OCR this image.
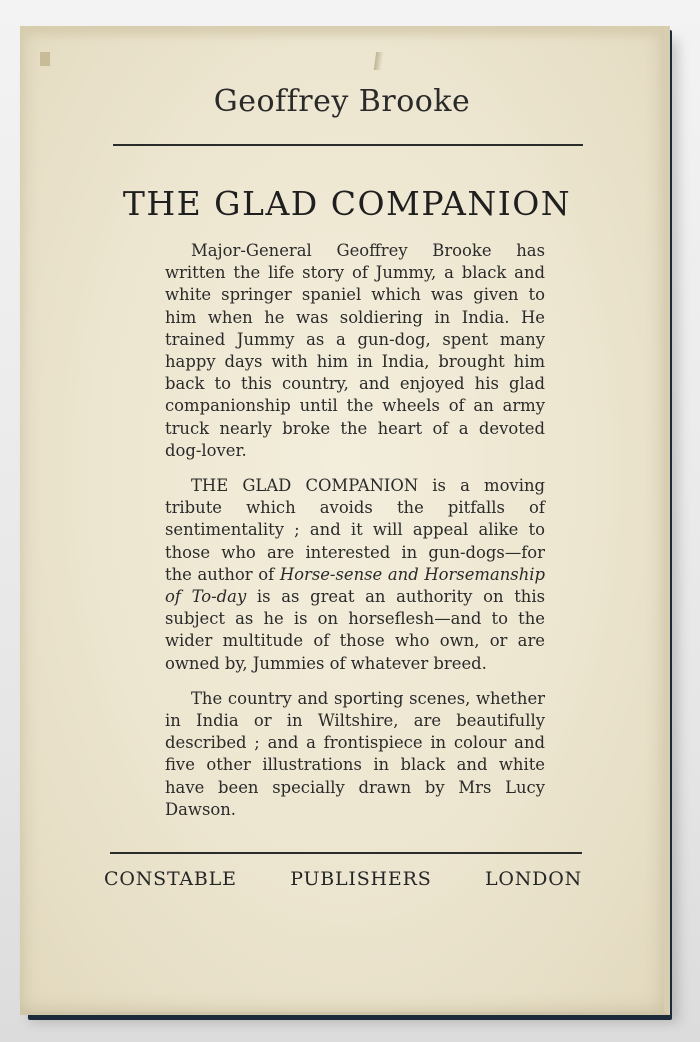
Geoffrey Brooke
THE GLAD COMPANION

Major-General Geoffrey Brooke has written the life story of Jummy, a black and white springer spaniel which was given to him when he was soldiering in India. He trained Jummy as a gun-dog, spent many happy days with him in India, brought him back to this country, and enjoyed his glad companionship until the wheels of an army truck nearly broke the heart of a devoted dog-lover.

THE GLAD COMPANION is a moving tribute which avoids the pitfalls of sentimentality ; and it will appeal alike to those who are interested in gun-dogs—for the author of Horse-sense and Horsemanship of To-day is as great an authority on this subject as he is on horseflesh—and to the wider multitude of those who own, or are owned by, Jummies of whatever breed.

The country and sporting scenes, whether in India or in Wiltshire, are beautifully described ; and a frontispiece in colour and five other illustrations in black and white have been specially drawn by Mrs Lucy Dawson.

CONSTABLE	PUBLISHERS	LONDON
